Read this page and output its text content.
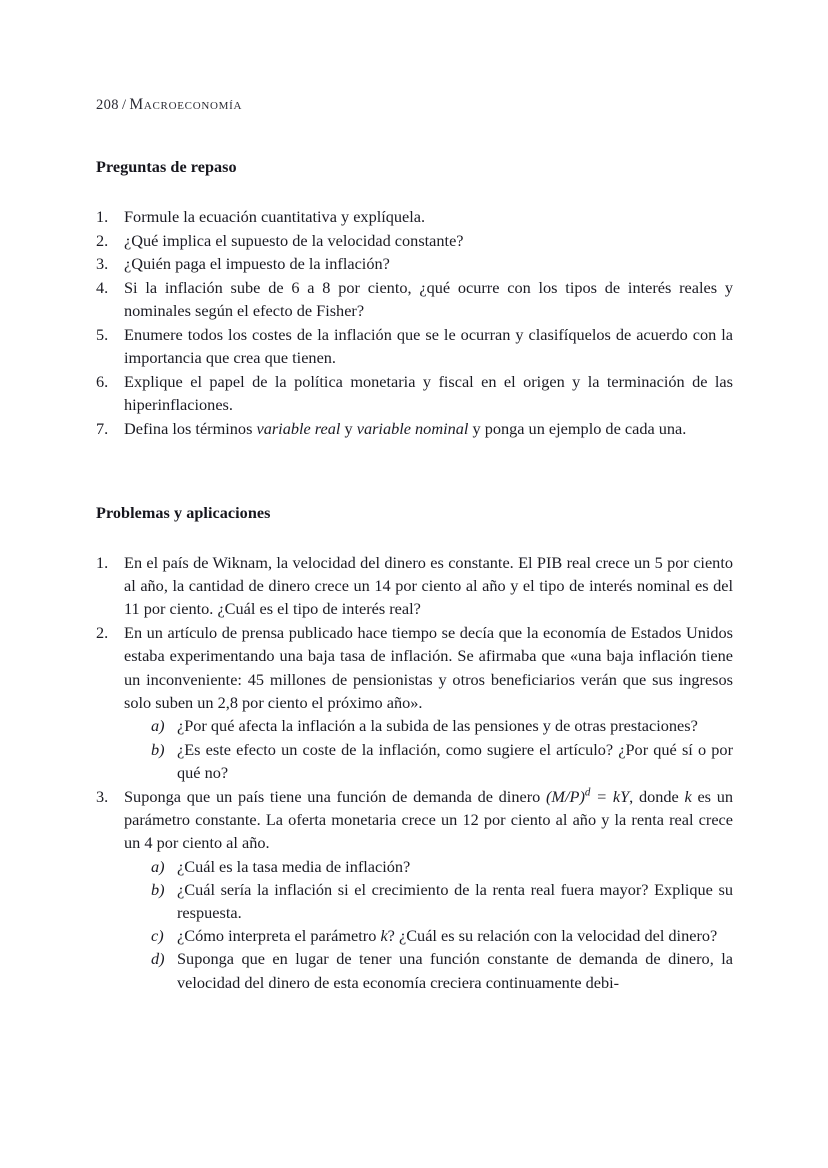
208 / Macroeconomía
Preguntas de repaso
1. Formule la ecuación cuantitativa y explíquela.
2. ¿Qué implica el supuesto de la velocidad constante?
3. ¿Quién paga el impuesto de la inflación?
4. Si la inflación sube de 6 a 8 por ciento, ¿qué ocurre con los tipos de interés reales y nominales según el efecto de Fisher?
5. Enumere todos los costes de la inflación que se le ocurran y clasifíquelos de acuerdo con la importancia que crea que tienen.
6. Explique el papel de la política monetaria y fiscal en el origen y la terminación de las hiperinflaciones.
7. Defina los términos variable real y variable nominal y ponga un ejemplo de cada una.
Problemas y aplicaciones
1. En el país de Wiknam, la velocidad del dinero es constante. El PIB real crece un 5 por ciento al año, la cantidad de dinero crece un 14 por ciento al año y el tipo de interés nominal es del 11 por ciento. ¿Cuál es el tipo de interés real?
2. En un artículo de prensa publicado hace tiempo se decía que la economía de Estados Unidos estaba experimentando una baja tasa de inflación. Se afirmaba que «una baja inflación tiene un inconveniente: 45 millones de pensionistas y otros beneficiarios verán que sus ingresos solo suben un 2,8 por ciento el próximo año».
a) ¿Por qué afecta la inflación a la subida de las pensiones y de otras prestaciones?
b) ¿Es este efecto un coste de la inflación, como sugiere el artículo? ¿Por qué sí o por qué no?
3. Suponga que un país tiene una función de demanda de dinero $(M/P)^d$ = kY, donde k es un parámetro constante. La oferta monetaria crece un 12 por ciento al año y la renta real crece un 4 por ciento al año.
a) ¿Cuál es la tasa media de inflación?
b) ¿Cuál sería la inflación si el crecimiento de la renta real fuera mayor? Explique su respuesta.
c) ¿Cómo interpreta el parámetro k? ¿Cuál es su relación con la velocidad del dinero?
d) Suponga que en lugar de tener una función constante de demanda de dinero, la velocidad del dinero de esta economía creciera continuamente debi-
